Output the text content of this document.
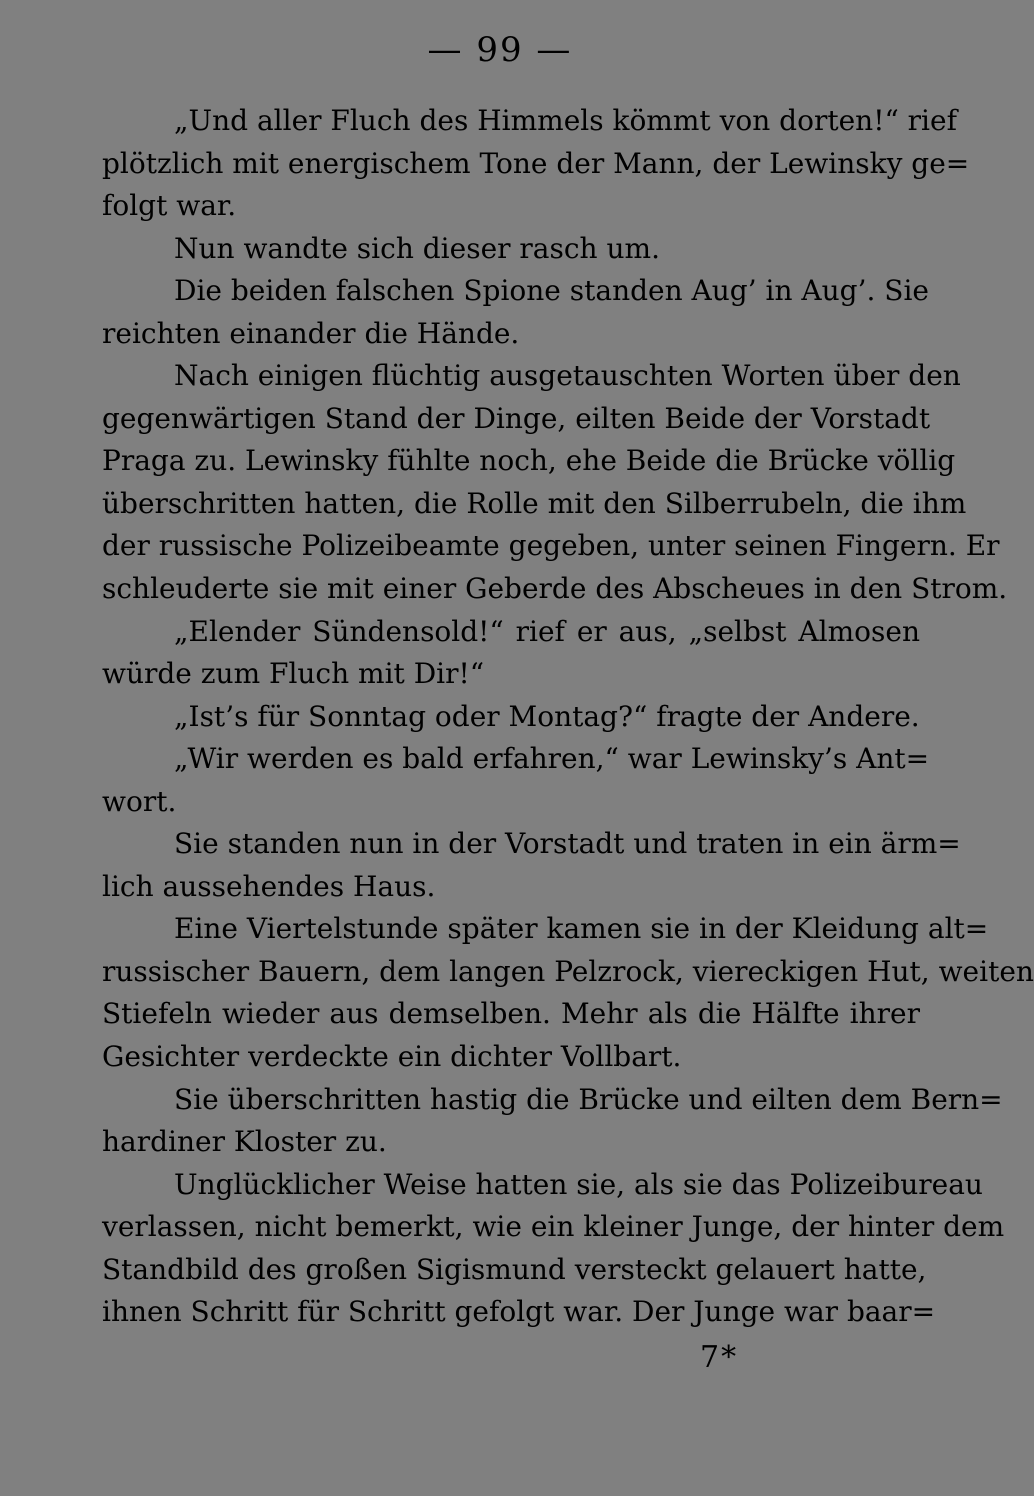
— 99 —
„Und aller Fluch des Himmels kömmt von dorten!“ rief
plötzlich mit energischem Tone der Mann, der Lewinsky ge=
folgt war.
Nun wandte sich dieser rasch um.
Die beiden falschen Spione standen Aug’ in Aug’. Sie
reichten einander die Hände.
Nach einigen flüchtig ausgetauschten Worten über den
gegenwärtigen Stand der Dinge, eilten Beide der Vorstadt
Praga zu. Lewinsky fühlte noch, ehe Beide die Brücke völlig
überschritten hatten, die Rolle mit den Silberrubeln, die ihm
der russische Polizeibeamte gegeben, unter seinen Fingern. Er
schleuderte sie mit einer Geberde des Abscheues in den Strom.
„Elender Sündensold!“ rief er aus, „selbst Almosen
würde zum Fluch mit Dir!“
„Ist’s für Sonntag oder Montag?“ fragte der Andere.
„Wir werden es bald erfahren,“ war Lewinsky’s Ant=
wort.
Sie standen nun in der Vorstadt und traten in ein ärm=
lich aussehendes Haus.
Eine Viertelstunde später kamen sie in der Kleidung alt=
russischer Bauern, dem langen Pelzrock, viereckigen Hut, weiten
Stiefeln wieder aus demselben. Mehr als die Hälfte ihrer
Gesichter verdeckte ein dichter Vollbart.
Sie überschritten hastig die Brücke und eilten dem Bern=
hardiner Kloster zu.
Unglücklicher Weise hatten sie, als sie das Polizeibureau
verlassen, nicht bemerkt, wie ein kleiner Junge, der hinter dem
Standbild des großen Sigismund versteckt gelauert hatte,
ihnen Schritt für Schritt gefolgt war. Der Junge war baar=
7*
